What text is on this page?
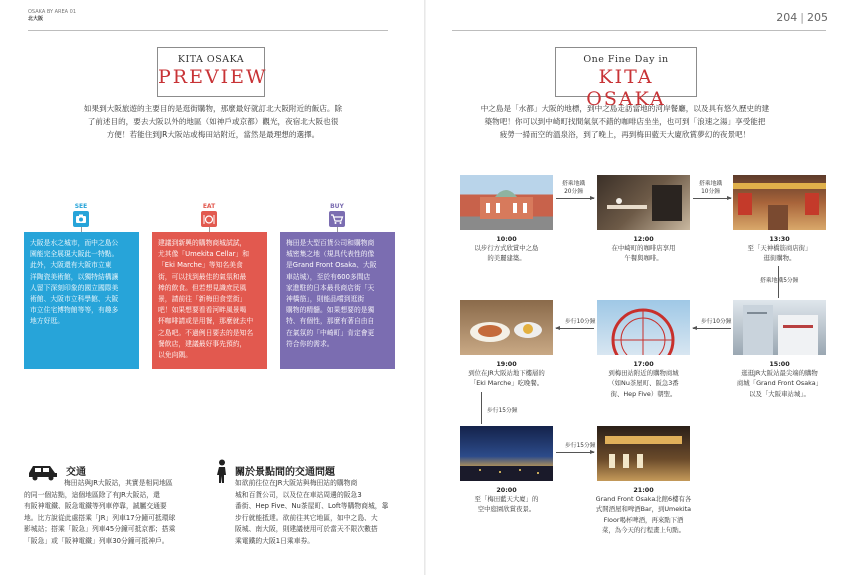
OSAKA BY AREA 01
北大阪	204 | 205
KITA OSAKA
PREVIEW
如果到大阪旅遊的主要目的是逛街購物，那麼最好就訂北大阪附近的飯店。除
了前述目的，要去大阪以外的地區（如神戶或京都）觀光，夜宿北大阪也很
方便！若能住到JR大阪站或梅田站附近，當然是最理想的選擇。
SEE
大阪是水之城市，而中之島公
園能完全展現大阪此一特點。
此外，大阪還有大阪市立東
洋陶瓷美術館，以獨特結構讓
人留下深刻印象的國立國際美
術館、大阪市立科學館、大阪
市立住宅博物館等等，有趣多
地方好逛。
EAT
建議到新興的購物商城試試，
尤其像「Umekita Cellar」和
「Eki Marche」等知名美食
街，可以找到最佳的氣氛和最
棒的飲食。但若想見識庶民風
景，請前往「新梅田食堂街」
吧！如果想要看看河畔風景喝
杯咖啡請或是用餐，那麼就去中
之島吧。不過例日要去的是知名
餐飲店，建議最好事先預約，
以免向隅。
BUY
梅田是大型百貨公司和購物商
城密集之地（規具代表性的像
是Grand Front Osaka、大阪
車站城），至於有600多間店
家進駐的日本最長商店街「天
神橋筋」，則能品嚐到逛街
購物的精髓。如果想要的是獨
特、有個性，那麼有著自由自
在氣氛的「中崎町」肯定會更
符合你的需求。
交通
梅田站與JR大阪站，其實是相同地區
的同一個站點，這個地區除了有JR大阪站，還
有阪神電鐵、阪急電鐵等列車停靠，誠屬交通要
地。比方說從此處搭乘「JR」列車17分鐘可抵環球
影城站；搭乘「阪急」列車45分鐘可抵京都；搭乘
「阪急」或「阪神電鐵」列車30分鐘可抵神戶。
關於景點間的交通問題
如欲前往位在JR大阪站與梅田站的購物商
城和百貨公司，以及位在車站周邊的阪急3
番街、Hep Five、Nu茶屋町、Loft等購物商城，靠
步行就能抵達。欲前往其它地區，如中之島、大
阪城、南大阪，則建議使用可於當天不限次數搭
乘電鐵的大阪1日乘車券。
One Fine Day in
KITA OSAKA
中之島是「水都」大阪的地標，到中之島走訪當地的河岸餐廳，以及具有悠久歷史的建
築物吧！你可以到中崎町找間氣氛不錯的咖啡店坐坐，也可到「浪速之湯」享受能把
疲勞一掃而空的溫泉浴，到了晚上，再到梅田藍天大廈欣賞夢幻的夜景吧！
10:00
以步行方式欣賞中之島
的美麗建築。
12:00
在中崎町的咖啡店享用
午餐與咖啡。
13:30
至「天神橋筋商店街」
逛街購物。
搭乘地鐵
20分鐘
搭乘地鐵
10分鐘
搭乘地鐵5分鐘
步行10分鐘
步行10分鐘
15:00
逛逛JR大阪站最尖端的購物
商城「Grand Front Osaka」
以及「大阪車站城」。
17:00
到梅田站附近的購物商城
（如Nu茶屋町、阪急3番
街、Hep Five）朝聖。
19:00
到位在JR大阪站地下樓層的
「Eki Marche」吃晚餐。
步行15分鐘
步行15分鐘
20:00
至「梅田藍天大廈」的
空中庭園欣賞夜景。
21:00
Grand Front Osaka北館6樓有各
式開酒屋和啤酒Bar，到Umekita
Floor喝杯啤酒，再來點下酒
菜，為今天的行程畫上句點。
